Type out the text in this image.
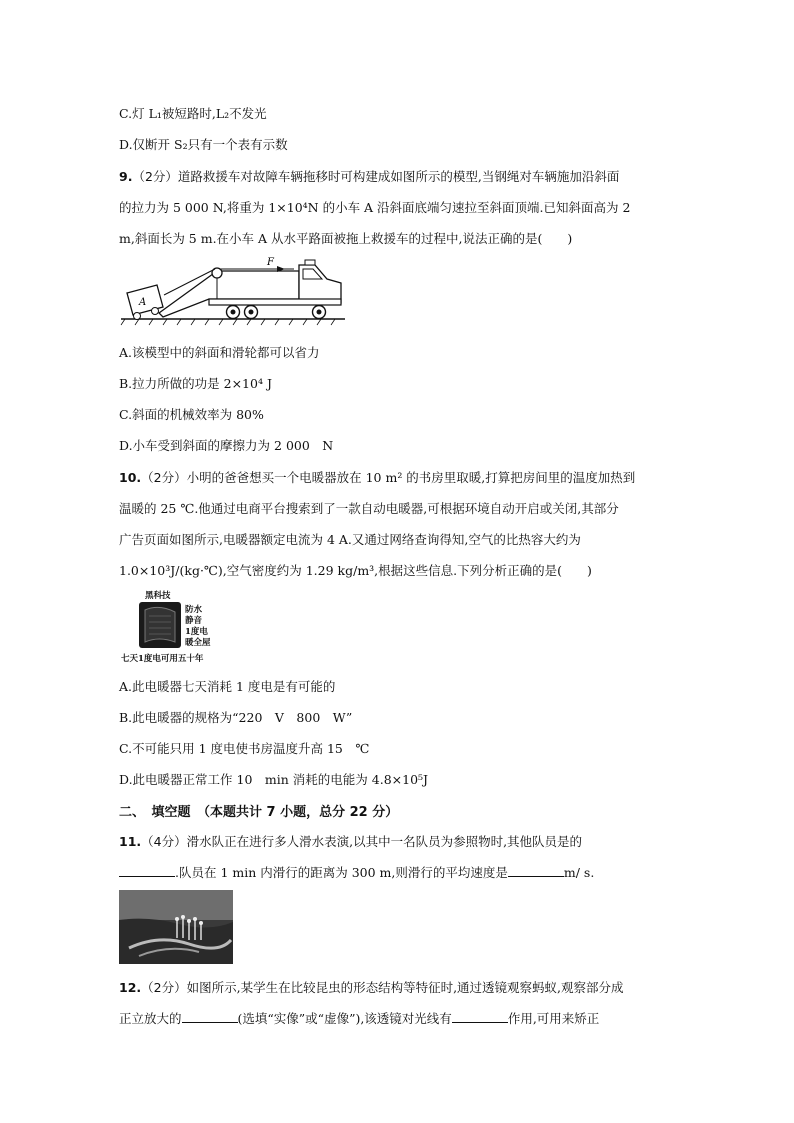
C.灯 L₁被短路时,L₂不发光
D.仅断开 S₂只有一个表有示数
9.（2分）道路救援车对故障车辆拖移时可构建成如图所示的模型,当钢绳对车辆施加沿斜面
的拉力为 5 000 N,将重为 1×10⁴N 的小车 A 沿斜面底端匀速拉至斜面顶端.已知斜面高为 2
m,斜面长为 5 m.在小车 A 从水平路面被拖上救援车的过程中,说法正确的是(　　)
F
A
A.该模型中的斜面和滑轮都可以省力
B.拉力所做的功是 2×10⁴ J
C.斜面的机械效率为 80%
D.小车受到斜面的摩擦力为 2 000　N
10.（2分）小明的爸爸想买一个电暖器放在 10 m² 的书房里取暖,打算把房间里的温度加热到
温暖的 25 ℃.他通过电商平台搜索到了一款自动电暖器,可根据环境自动开启或关闭,其部分
广告页面如图所示,电暖器额定电流为 4 A.又通过网络查询得知,空气的比热容大约为
1.0×10³J/(kg·℃),空气密度约为 1.29 kg/m³,根据这些信息.下列分析正确的是(　　)
黑科技
防水
静音
1度电
暖全屋
七天1度电可用五十年
A.此电暖器七天消耗 1 度电是有可能的
B.此电暖器的规格为“220　V　800　W”
C.不可能只用 1 度电使书房温度升高 15　℃
D.此电暖器正常工作 10　min 消耗的电能为 4.8×10⁵J
二、　填空题　（本题共计 7 小题，总分 22 分）
11.（4分）滑水队正在进行多人滑水表演,以其中一名队员为参照物时,其他队员是的
.队员在 1 min 内滑行的距离为 300 m,则滑行的平均速度是	m/ s.
12.（2分）如图所示,某学生在比较昆虫的形态结构等特征时,通过透镜观察蚂蚁,观察部分成
正立放大的	(选填“实像”或“虚像”),该透镜对光线有	作用,可用来矫正
